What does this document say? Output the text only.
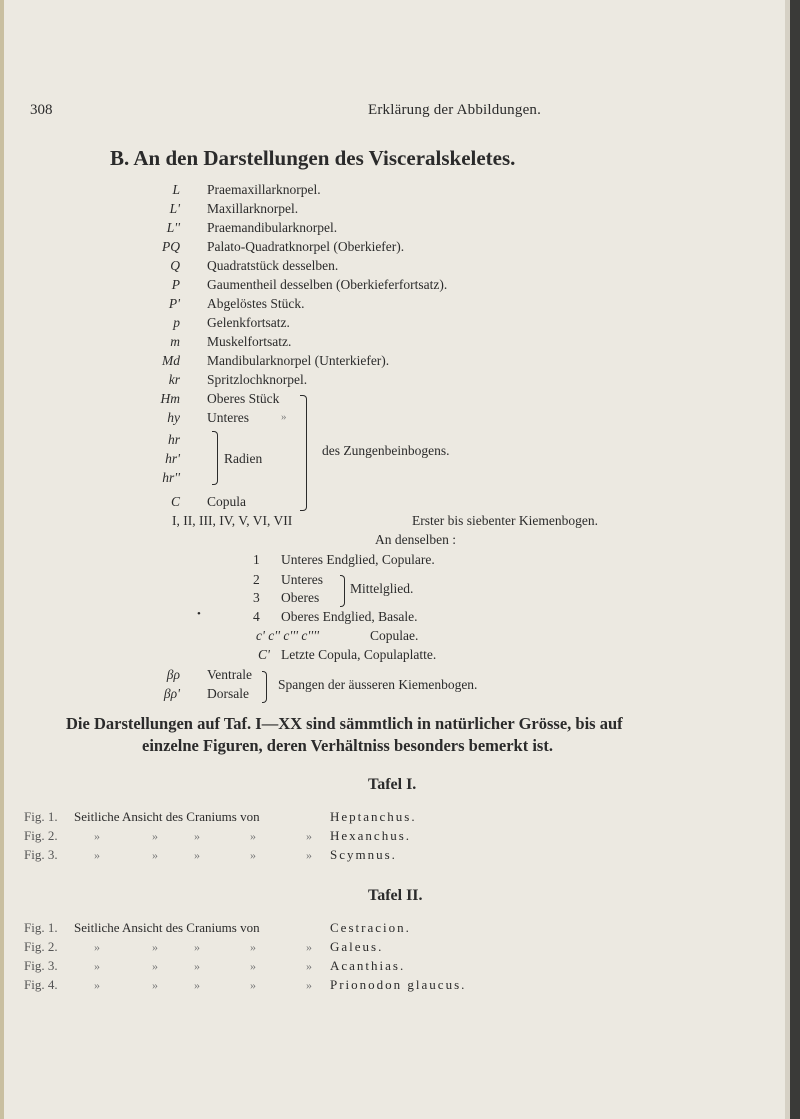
308	Erklärung der Abbildungen.
B. An den Darstellungen des Visceralskeletes.
L Praemaxillarknorpel.
L' Maxillarknorpel.
L'' Praemandibularknorpel.
PQ Palato-Quadratknorpel (Oberkiefer).
Q Quadratstück desselben.
P Gaumentheil desselben (Oberkieferfortsatz).
P' Abgelöstes Stück.
p Gelenkfortsatz.
m Muskelfortsatz.
Md Mandibularknorpel (Unterkiefer).
kr Spritzlochknorpel.
Hm Oberes Stück
hy Unteres	»
hr
hr'
hr''
Radien
C Copula
des Zungenbeinbogens.
I, II, III, IV, V, VI, VII	Erster bis siebenter Kiemenbogen.
An denselben :
1 Unteres Endglied, Copulare.
2 Unteres
3 Oberes
Mittelglied.
•	4 Oberes Endglied, Basale.
c' c'' c''' c''''	Copulae.
C' Letzte Copula, Copulaplatte.
βρ Ventrale
βρ' Dorsale
Spangen der äusseren Kiemenbogen.
Die Darstellungen auf Taf. I—XX sind sämmtlich in natürlicher Grösse, bis auf
einzelne Figuren, deren Verhältniss besonders bemerkt ist.
Tafel I.
Fig. 1. Seitliche Ansicht des Craniums von	Heptanchus.
Fig. 2.	»	»	»	»	» Hexanchus.
Fig. 3.	»	»	»	»	» Scymnus.
Tafel II.
Fig. 1. Seitliche Ansicht des Craniums von	Cestracion.
Fig. 2.	»	»	»	»	» Galeus.
Fig. 3.	»	»	»	»	» Acanthias.
Fig. 4.	»	»	»	»	» Prionodon glaucus.
